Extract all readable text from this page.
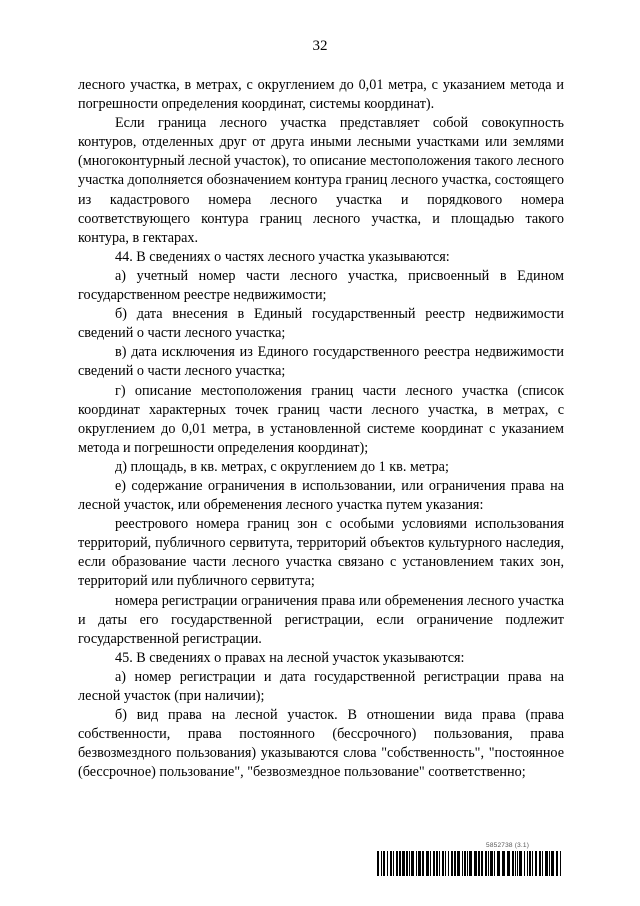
32

лесного участка, в метрах, с округлением до 0,01 метра, с указанием метода и погрешности определения координат, системы координат).

Если граница лесного участка представляет собой совокупность контуров, отделенных друг от друга иными лесными участками или землями (многоконтурный лесной участок), то описание местоположения такого лесного участка дополняется обозначением контура границ лесного участка, состоящего из кадастрового номера лесного участка и порядкового номера соответствующего контура границ лесного участка, и площадью такого контура, в гектарах.

44. В сведениях о частях лесного участка указываются:

а) учетный номер части лесного участка, присвоенный в Едином государственном реестре недвижимости;

б) дата внесения в Единый государственный реестр недвижимости сведений о части лесного участка;

в) дата исключения из Единого государственного реестра недвижимости сведений о части лесного участка;

г) описание местоположения границ части лесного участка (список координат характерных точек границ части лесного участка, в метрах, с округлением до 0,01 метра, в установленной системе координат с указанием метода и погрешности определения координат);

д) площадь, в кв. метрах, с округлением до 1 кв. метра;

е) содержание ограничения в использовании, или ограничения права на лесной участок, или обременения лесного участка путем указания:

реестрового номера границ зон с особыми условиями использования территорий, публичного сервитута, территорий объектов культурного наследия, если образование части лесного участка связано с установлением таких зон, территорий или публичного сервитута;

номера регистрации ограничения права или обременения лесного участка и даты его государственной регистрации, если ограничение подлежит государственной регистрации.

45. В сведениях о правах на лесной участок указываются:

а) номер регистрации и дата государственной регистрации права на лесной участок (при наличии);

б) вид права на лесной участок. В отношении вида права (права собственности, права постоянного (бессрочного) пользования, права безвозмездного пользования) указываются слова "собственность", "постоянное (бессрочное) пользование", "безвозмездное пользование" соответственно;

5852738 (3.1)
